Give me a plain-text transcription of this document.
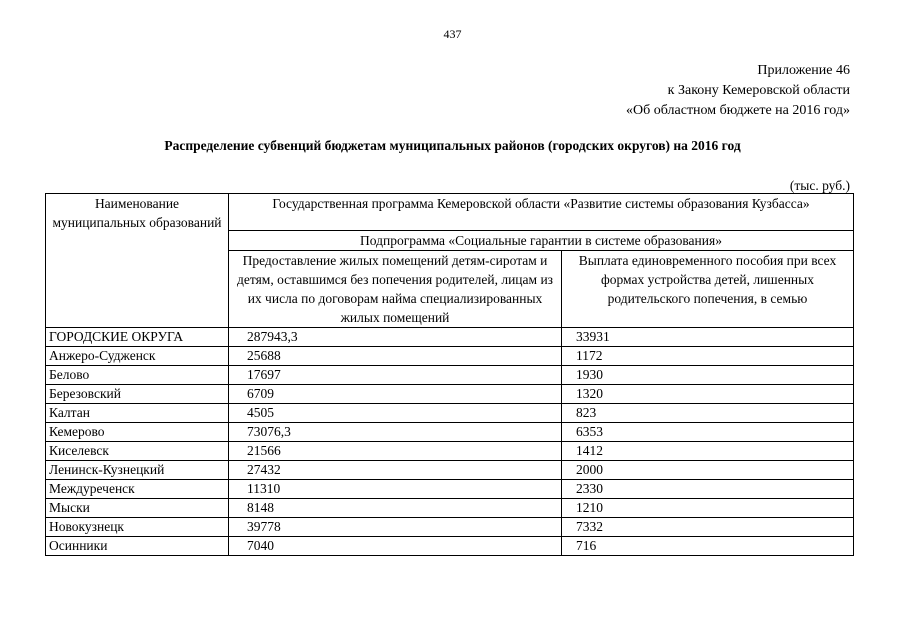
437
Приложение 46
к Закону Кемеровской области
«Об областном бюджете на 2016 год»
Распределение субвенций бюджетам муниципальных районов (городских округов) на 2016 год
(тыс. руб.)
Наименование муниципальных образований	Государственная программа Кемеровской области «Развитие системы образования Кузбасса»	
	Подпрограмма «Социальные гарантии в системе образования»	
	Предоставление жилых помещений детям-сиротам и детям, оставшимся без попечения родителей, лицам из их числа по договорам найма специализированных жилых помещений	Выплата единовременного пособия при всех формах устройства детей, лишенных родительского попечения, в семью
ГОРОДСКИЕ ОКРУГА	287943,3	33931
Анжеро-Судженск	25688	1172
Белово	17697	1930
Березовский	6709	1320
Калтан	4505	823
Кемерово	73076,3	6353
Киселевск	21566	1412
Ленинск-Кузнецкий	27432	2000
Междуреченск	11310	2330
Мыски	8148	1210
Новокузнецк	39778	7332
Осинники	7040	716
